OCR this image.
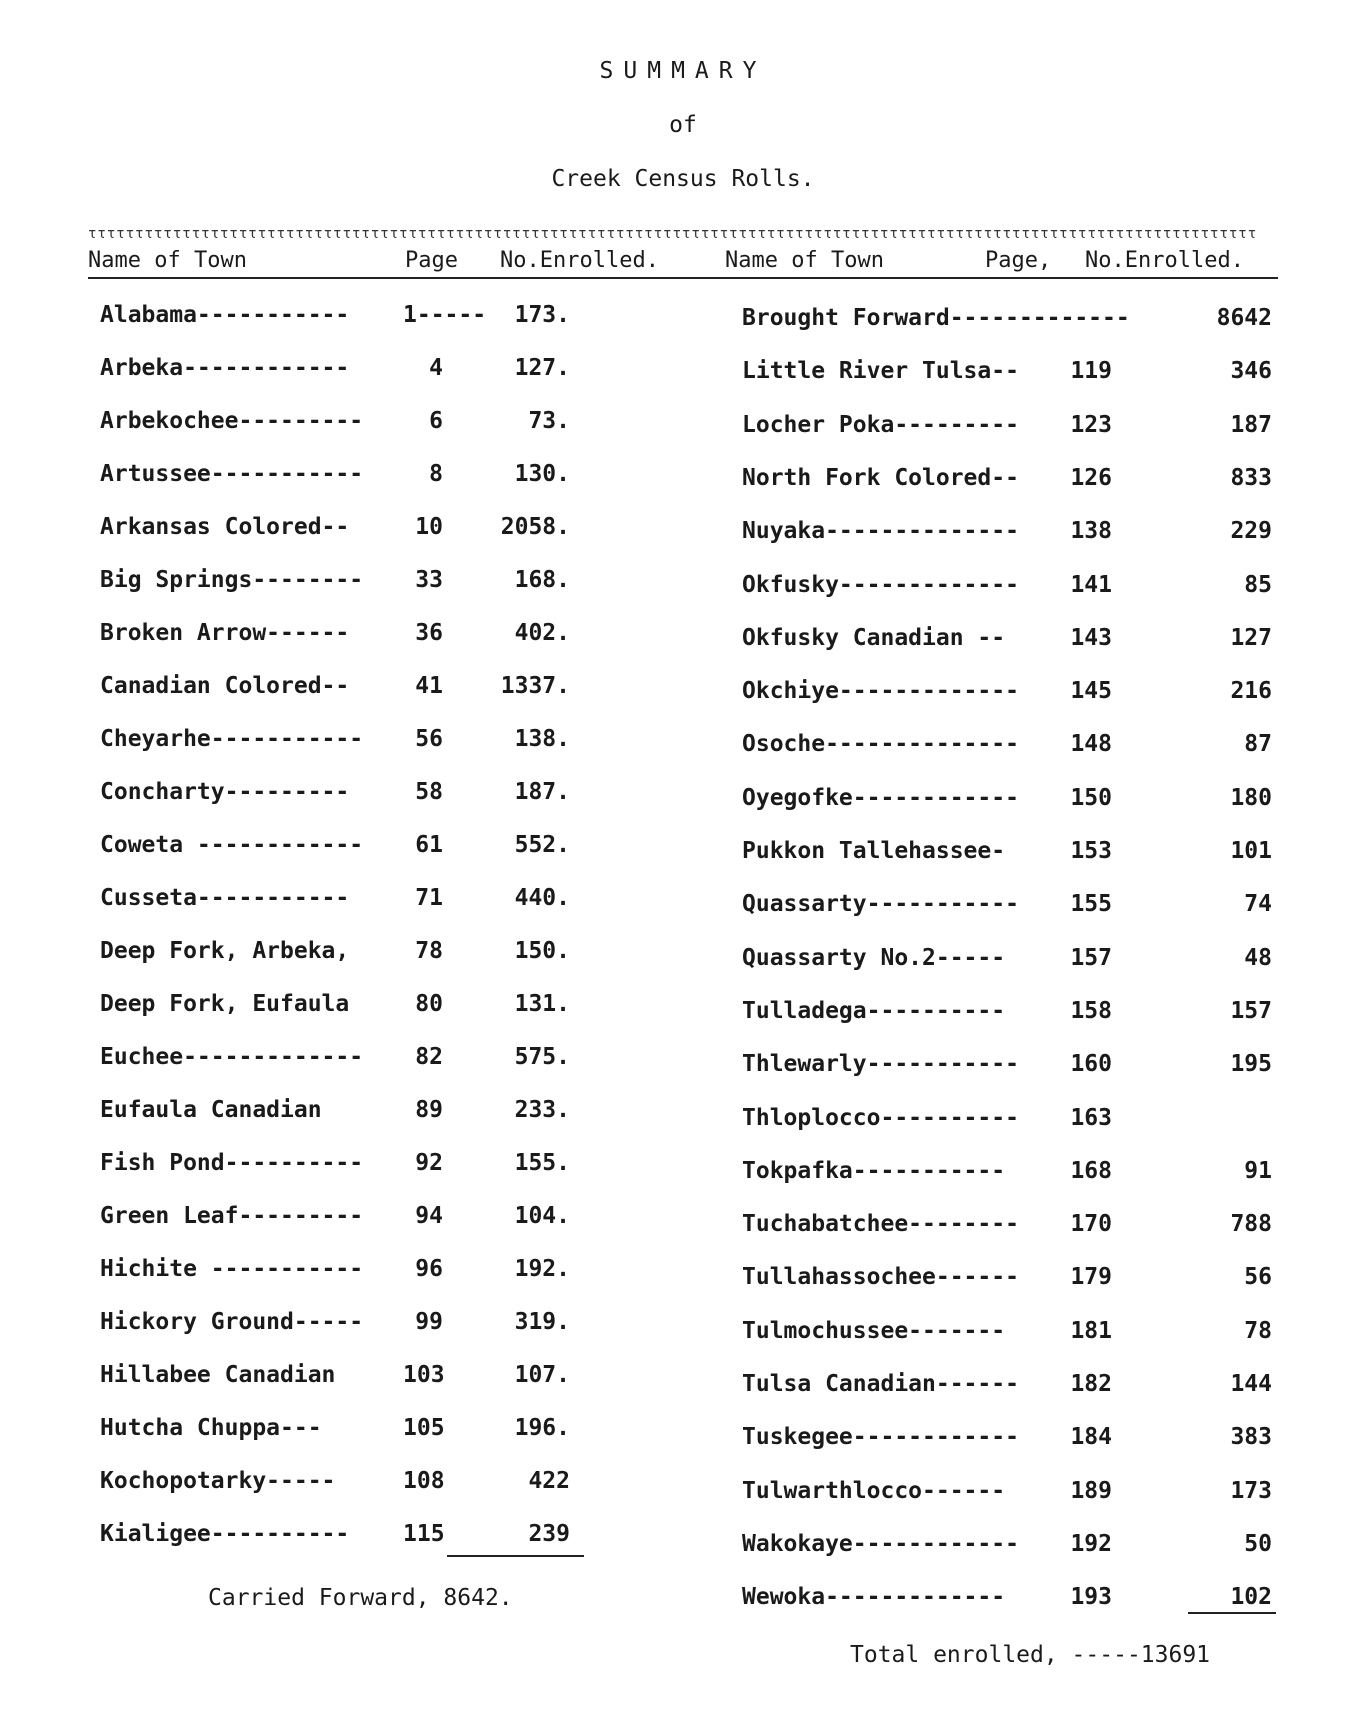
SUMMARY
of
Creek Census Rolls.
ττττττττττττττττττττττττττττττττττττττττττττττττττττττττττττττττττττττττττττττττττττττττττττττττττττττττττττττττττττττττττττ
Name of Town	Page No.Enrolled.	Name of Town	Page, No.Enrolled.
Alabama----------- 1-----	173.
Arbeka------------	4	127.
Arbekochee---------	6	73.
Artussee-----------	8	130.
Arkansas Colored--	10	2058.
Big Springs--------	33	168.
Broken Arrow------	36	402.
Canadian Colored--	41	1337.
Cheyarhe-----------	56	138.
Concharty---------	58	187.
Coweta ------------	61	552.
Cusseta-----------	71	440.
Deep Fork, Arbeka,	78	150.
Deep Fork, Eufaula	80	131.
Euchee-------------	82	575.
Eufaula Canadian	89	233.
Fish Pond----------	92	155.
Green Leaf---------	94	104.
Hichite -----------	96	192.
Hickory Ground-----	99	319.
Hillabee Canadian	103	107.
Hutcha Chuppa---	105	196.
Kochopotarky-----	108	422
Kialigee---------- 115	239
Brought Forward-------------	8642
Little River Tulsa--	119	346
Locher Poka---------	123	187
North Fork Colored--	126	833
Nuyaka--------------	138	229
Okfusky-------------	141	85
Okfusky Canadian --	143	127
Okchiye-------------	145	216
Osoche--------------	148	87
Oyegofke------------	150	180
Pukkon Tallehassee-	153	101
Quassarty-----------	155	74
Quassarty No.2-----	157	48
Tulladega----------	158	157
Thlewarly-----------	160	195
Thloplocco----------	163
Tokpafka-----------	168	91
Tuchabatchee--------	170	788
Tullahassochee------	179	56
Tulmochussee-------	181	78
Tulsa Canadian------	182	144
Tuskegee------------	184	383
Tulwarthlocco------	189	173
Wakokaye------------	192	50
Wewoka-------------	193	102
Carried Forward, 8642.
Total enrolled, -----13691
